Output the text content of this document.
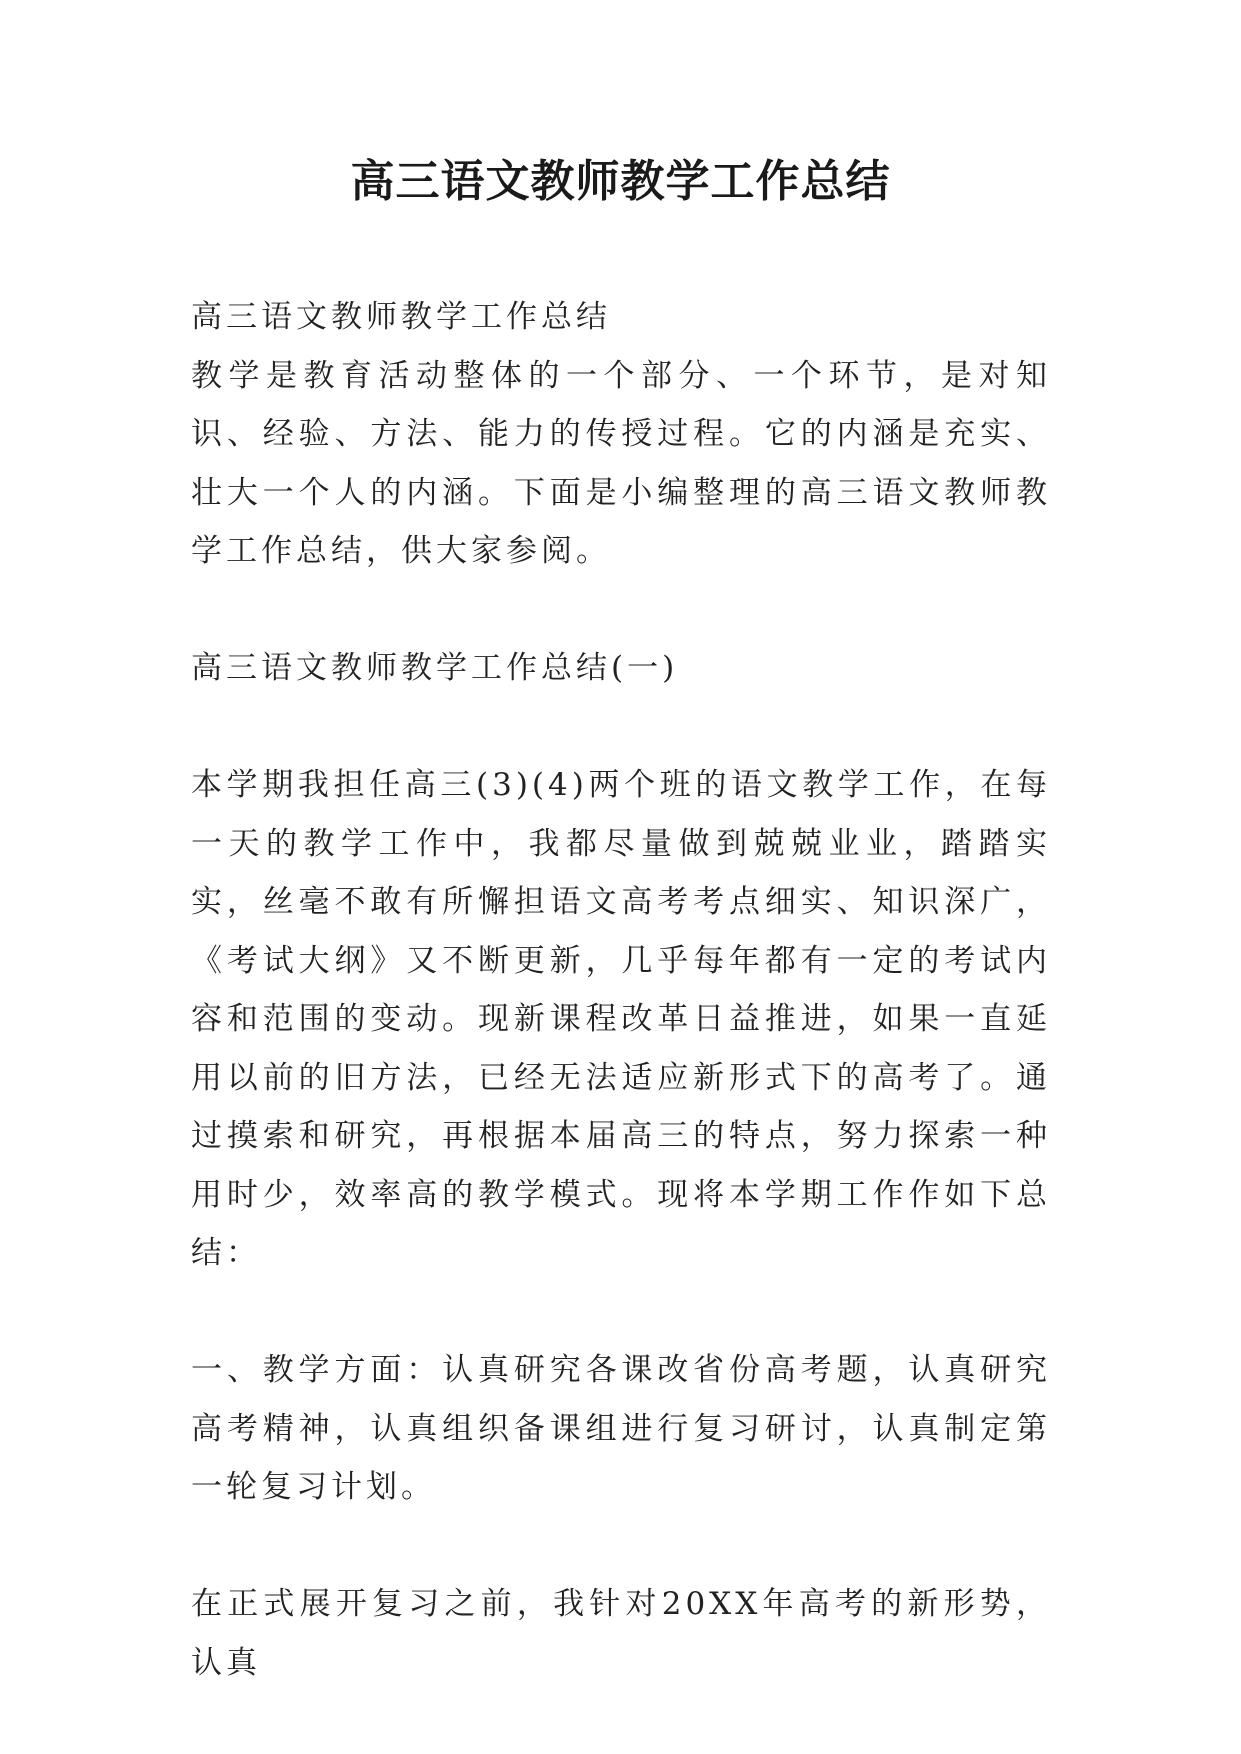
高三语文教师教学工作总结

高三语文教师教学工作总结

教学是教育活动整体的一个部分、一个环节，是对知识、经验、方法、能力的传授过程。它的内涵是充实、壮大一个人的内涵。下面是小编整理的高三语文教师教学工作总结，供大家参阅。

高三语文教师教学工作总结(一)

本学期我担任高三(3)(4)两个班的语文教学工作，在每一天的教学工作中，我都尽量做到兢兢业业，踏踏实实，丝毫不敢有所懈担语文高考考点细实、知识深广，《考试大纲》又不断更新，几乎每年都有一定的考试内容和范围的变动。现新课程改革日益推进，如果一直延用以前的旧方法，已经无法适应新形式下的高考了。通过摸索和研究，再根据本届高三的特点，努力探索一种用时少，效率高的教学模式。现将本学期工作作如下总结：

一、教学方面：认真研究各课改省份高考题，认真研究高考精神，认真组织备课组进行复习研讨，认真制定第一轮复习计划。

在正式展开复习之前，我针对20XX年高考的新形势，认真
